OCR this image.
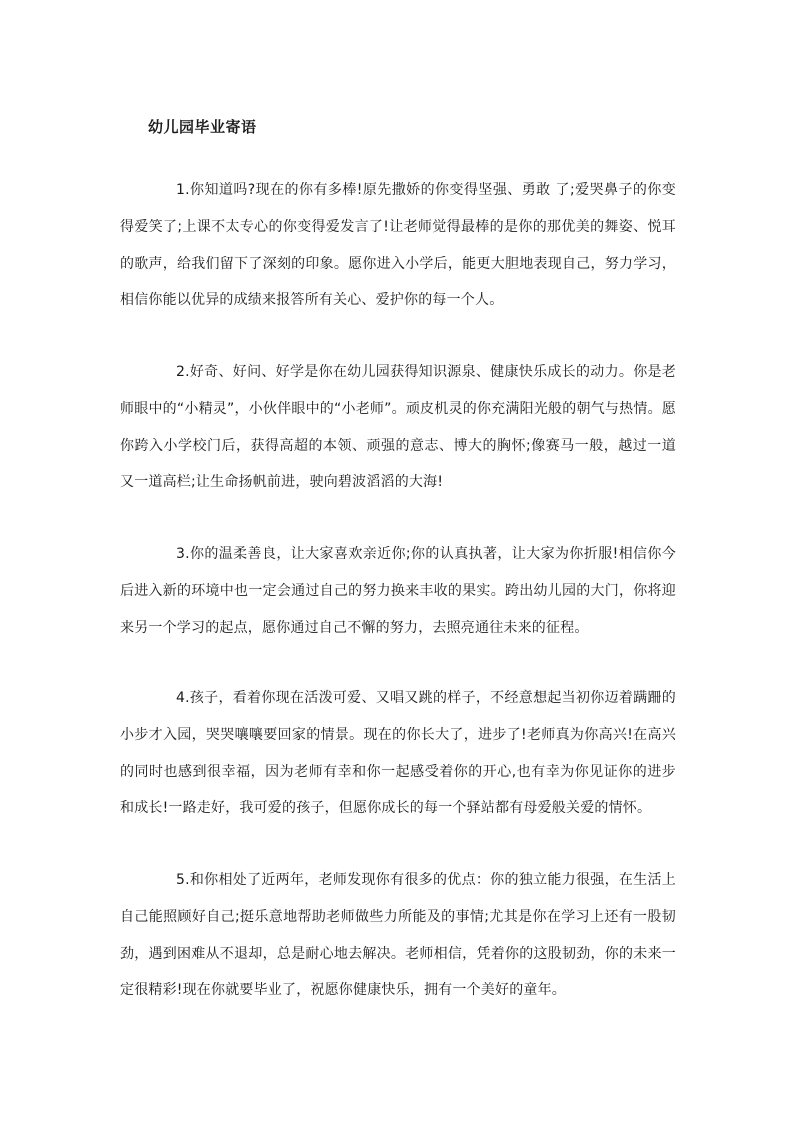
幼儿园毕业寄语

1.你知道吗?现在的你有多棒!原先撒娇的你变得坚强、勇敢 了;爱哭鼻子的你变得爱笑了;上课不太专心的你变得爱发言了!让老师觉得最棒的是你的那优美的舞姿、悦耳的歌声，给我们留下了深刻的印象。愿你进入小学后，能更大胆地表现自己，努力学习，相信你能以优异的成绩来报答所有关心、爱护你的每一个人。

2.好奇、好问、好学是你在幼儿园获得知识源泉、健康快乐成长的动力。你是老师眼中的“小精灵”，小伙伴眼中的“小老师”。顽皮机灵的你充满阳光般的朝气与热情。愿你跨入小学校门后，获得高超的本领、顽强的意志、博大的胸怀;像赛马一般，越过一道又一道高栏;让生命扬帆前进，驶向碧波滔滔的大海!

3.你的温柔善良，让大家喜欢亲近你;你的认真执著，让大家为你折服!相信你今后进入新的环境中也一定会通过自己的努力换来丰收的果实。跨出幼儿园的大门，你将迎来另一个学习的起点，愿你通过自己不懈的努力，去照亮通往未来的征程。

4.孩子，看着你现在活泼可爱、又唱又跳的样子，不经意想起当初你迈着蹒跚的小步才入园，哭哭嚷嚷要回家的情景。现在的你长大了，进步了!老师真为你高兴!在高兴的同时也感到很幸福，因为老师有幸和你一起感受着你的开心,也有幸为你见证你的进步和成长!一路走好，我可爱的孩子，但愿你成长的每一个驿站都有母爱般关爱的情怀。

5.和你相处了近两年，老师发现你有很多的优点：你的独立能力很强，在生活上自己能照顾好自己;挺乐意地帮助老师做些力所能及的事情;尤其是你在学习上还有一股韧劲，遇到困难从不退却，总是耐心地去解决。老师相信，凭着你的这股韧劲，你的未来一定很精彩!现在你就要毕业了，祝愿你健康快乐，拥有一个美好的童年。
